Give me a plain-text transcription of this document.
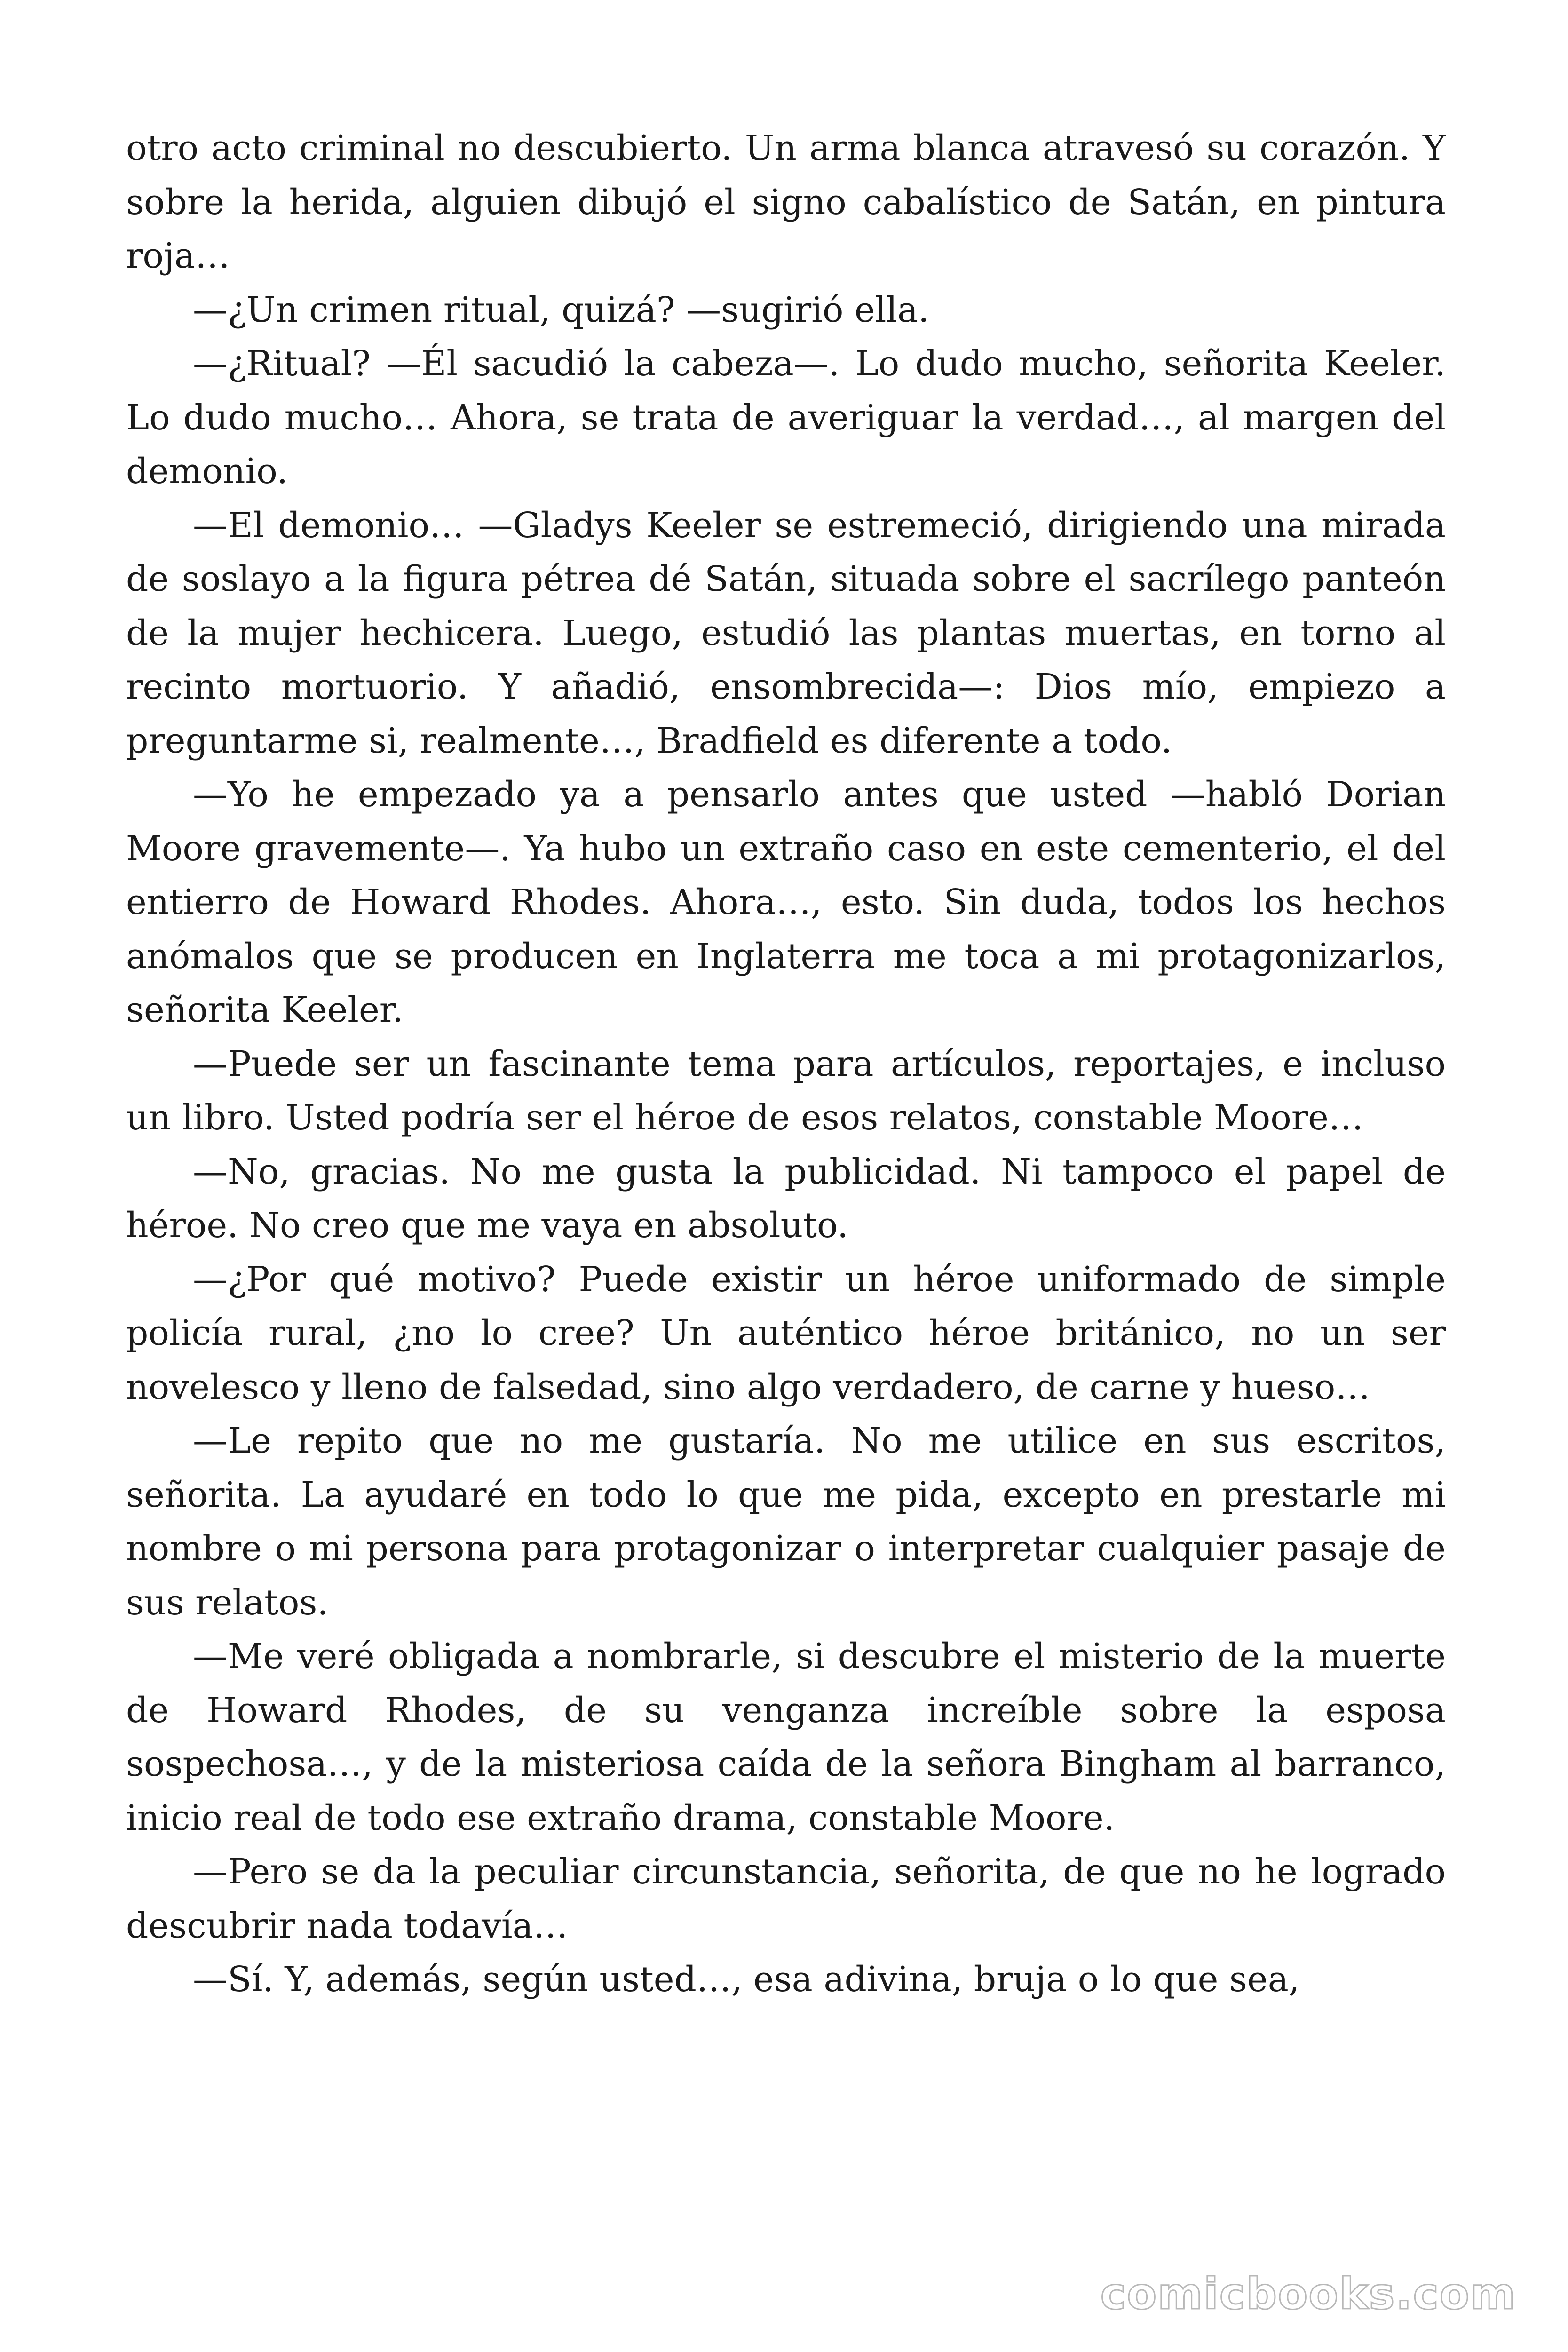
otro acto criminal no descubierto. Un arma blanca atravesó su corazón. Y sobre la herida, alguien dibujó el signo cabalístico de Satán, en pintura roja…

—¿Un crimen ritual, quizá? —sugirió ella.

—¿Ritual? —Él sacudió la cabeza—. Lo dudo mucho, señorita Keeler. Lo dudo mucho… Ahora, se trata de averiguar la verdad…, al margen del demonio.

—El demonio… —Gladys Keeler se estremeció, dirigiendo una mirada de soslayo a la figura pétrea dé Satán, situada sobre el sacrílego panteón de la mujer hechicera. Luego, estudió las plantas muertas, en torno al recinto mortuorio. Y añadió, ensombrecida—: Dios mío, empiezo a preguntarme si, realmente…, Bradfield es diferente a todo.

—Yo he empezado ya a pensarlo antes que usted —habló Dorian Moore gravemente—. Ya hubo un extraño caso en este cementerio, el del entierro de Howard Rhodes. Ahora…, esto. Sin duda, todos los hechos anómalos que se producen en Inglaterra me toca a mi protagonizarlos, señorita Keeler.

—Puede ser un fascinante tema para artículos, reportajes, e incluso un libro. Usted podría ser el héroe de esos relatos, constable Moore…

—No, gracias. No me gusta la publicidad. Ni tampoco el papel de héroe. No creo que me vaya en absoluto.

—¿Por qué motivo? Puede existir un héroe uniformado de simple policía rural, ¿no lo cree? Un auténtico héroe británico, no un ser novelesco y lleno de falsedad, sino algo verdadero, de carne y hueso…

—Le repito que no me gustaría. No me utilice en sus escritos, señorita. La ayudaré en todo lo que me pida, excepto en prestarle mi nombre o mi persona para protagonizar o interpretar cualquier pasaje de sus relatos.

—Me veré obligada a nombrarle, si descubre el misterio de la muerte de Howard Rhodes, de su venganza increíble sobre la esposa sospechosa…, y de la misteriosa caída de la señora Bingham al barranco, inicio real de todo ese extraño drama, constable Moore.

—Pero se da la peculiar circunstancia, señorita, de que no he logrado descubrir nada todavía…

—Sí. Y, además, según usted…, esa adivina, bruja o lo que sea,

comicbooks.com
